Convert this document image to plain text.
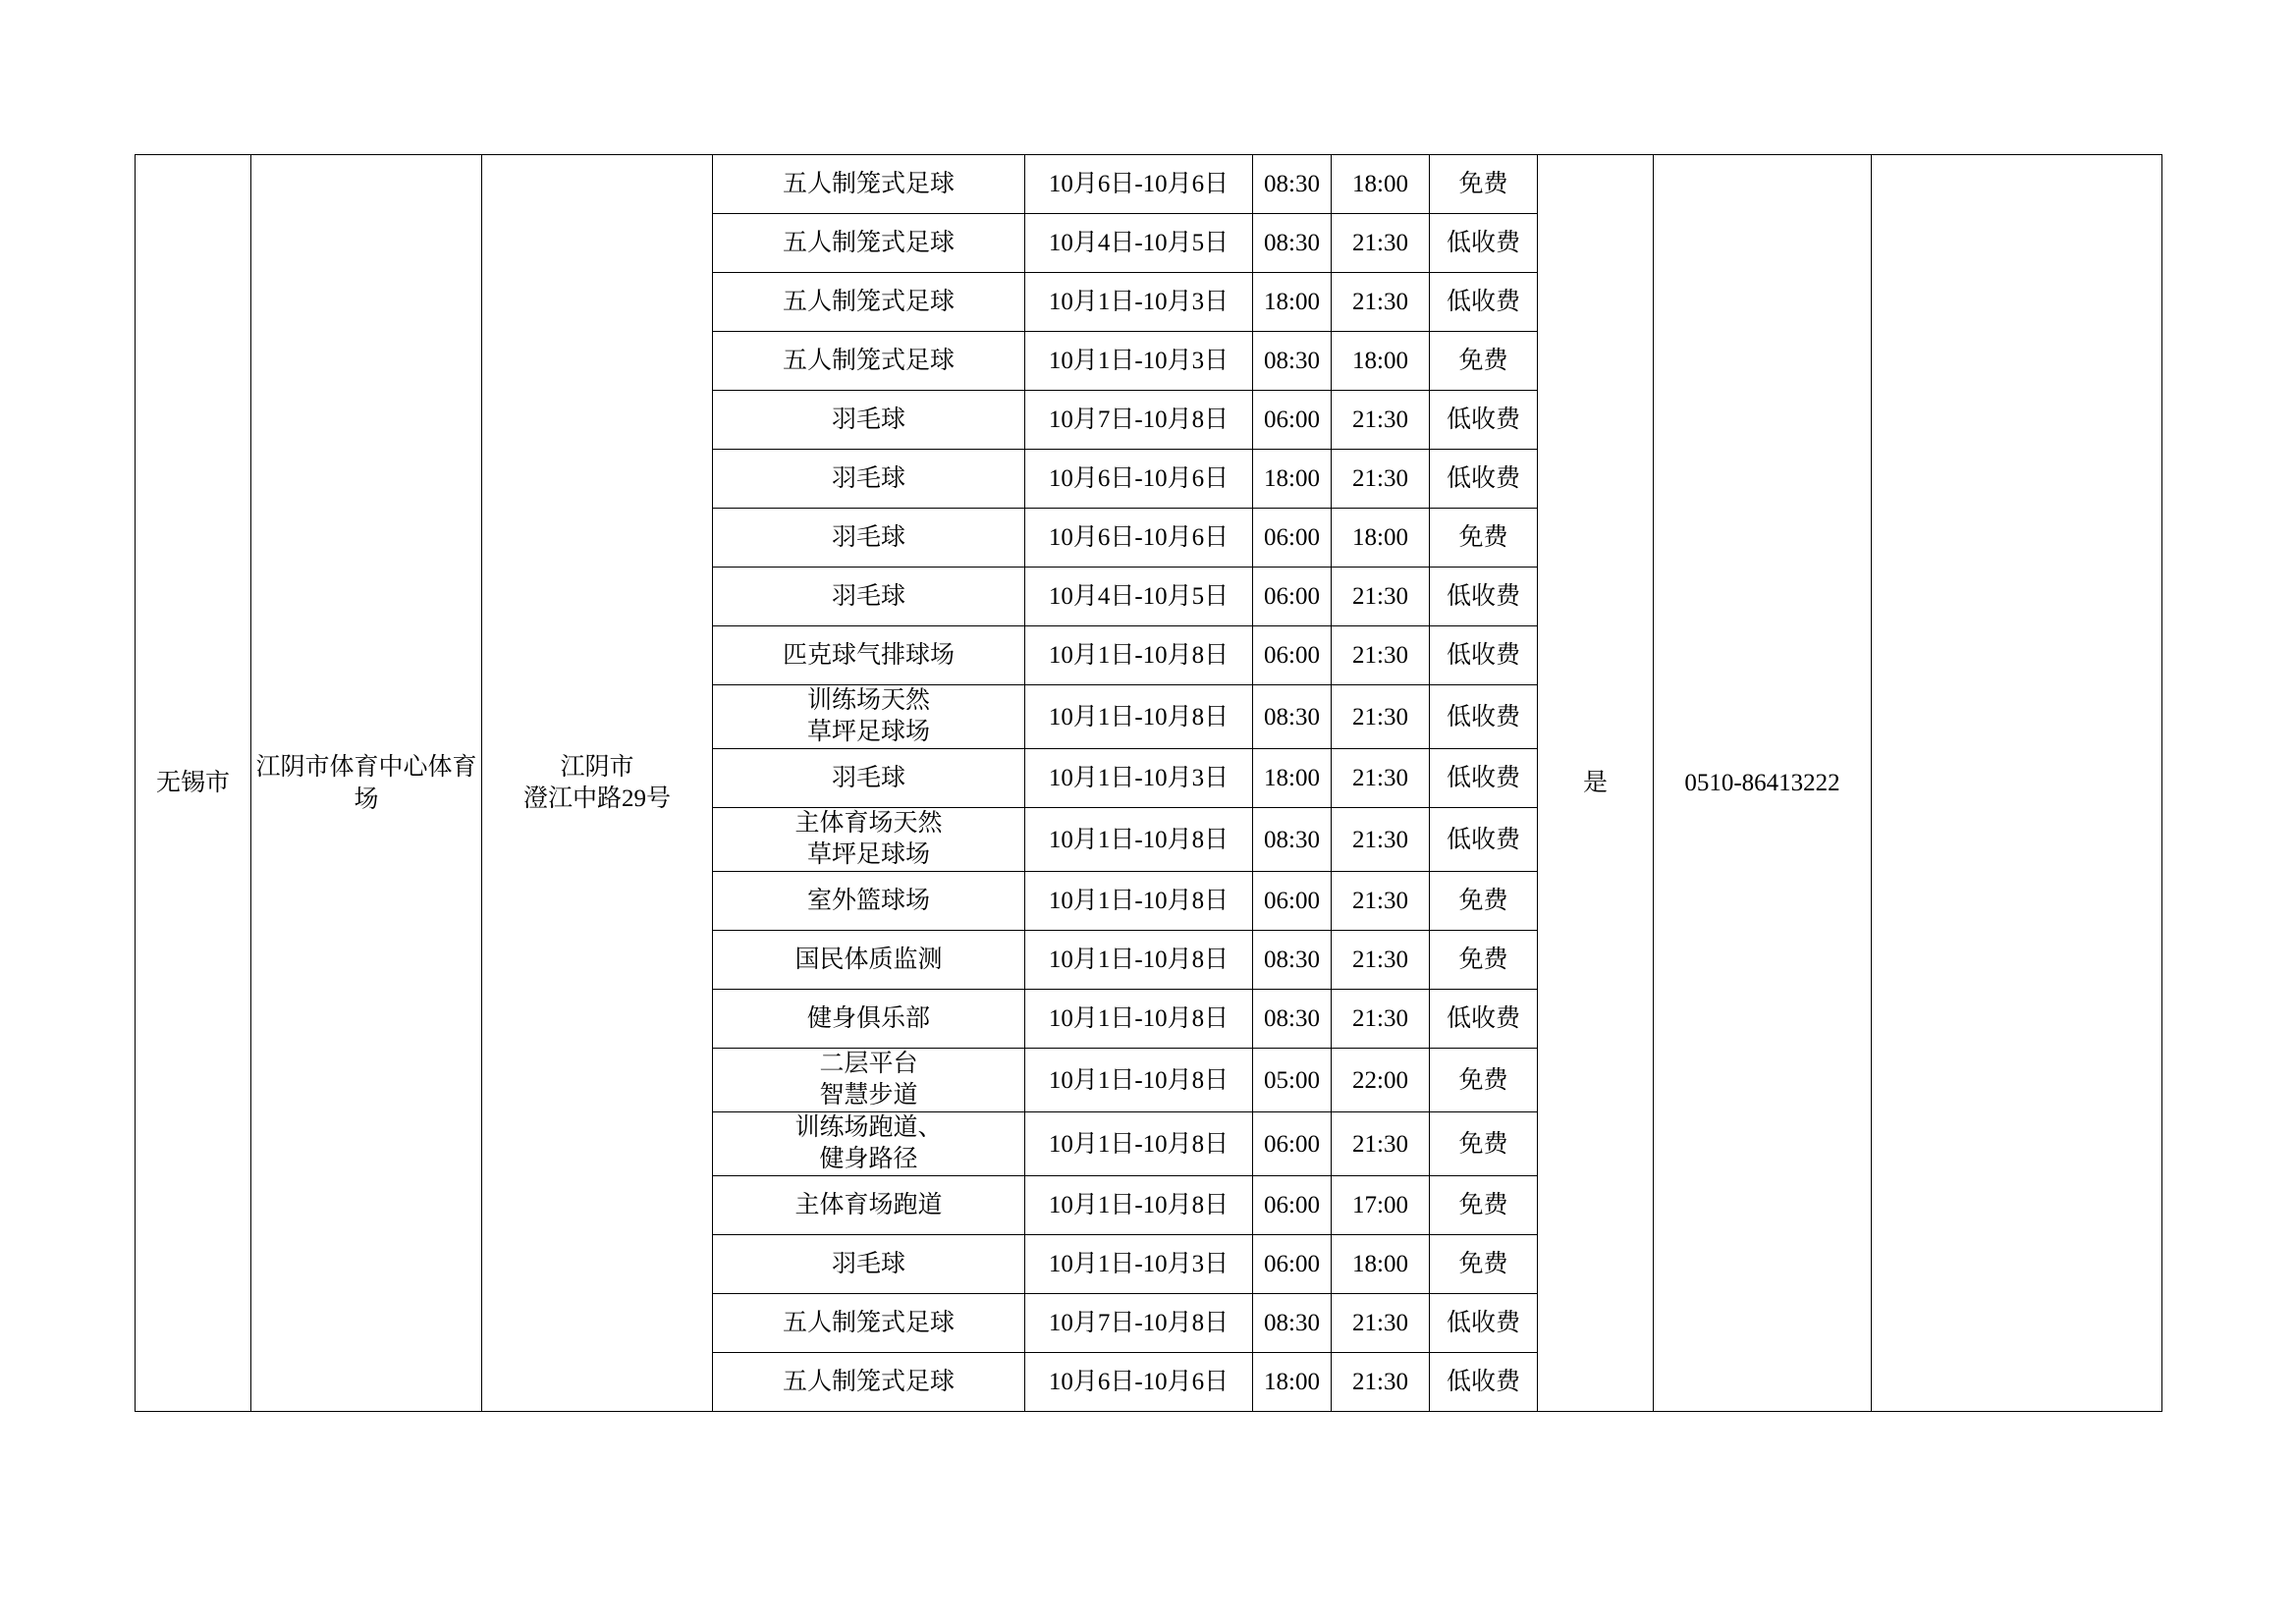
无锡市	江阴市体育中心体育场	江阴市
澄江中路29号	五人制笼式足球	10月6日-10月6日	08:30	18:00	免费	是	0510-86413222	
			五人制笼式足球	10月4日-10月5日	08:30	21:30	低收费			
			五人制笼式足球	10月1日-10月3日	18:00	21:30	低收费			
			五人制笼式足球	10月1日-10月3日	08:30	18:00	免费			
			羽毛球	10月7日-10月8日	06:00	21:30	低收费			
			羽毛球	10月6日-10月6日	18:00	21:30	低收费			
			羽毛球	10月6日-10月6日	06:00	18:00	免费			
			羽毛球	10月4日-10月5日	06:00	21:30	低收费			
			匹克球气排球场	10月1日-10月8日	06:00	21:30	低收费			

			训练场天然
草坪足球场	10月1日-10月8日	08:30	21:30	低收费			
			羽毛球	10月1日-10月3日	18:00	21:30	低收费			

			主体育场天然
草坪足球场	10月1日-10月8日	08:30	21:30	低收费			
			室外篮球场	10月1日-10月8日	06:00	21:30	免费			
			国民体质监测	10月1日-10月8日	08:30	21:30	免费			
			健身俱乐部	10月1日-10月8日	08:30	21:30	低收费			

			二层平台
智慧步道	10月1日-10月8日	05:00	22:00	免费			

			训练场跑道、
健身路径	10月1日-10月8日	06:00	21:30	免费			
			主体育场跑道	10月1日-10月8日	06:00	17:00	免费			
			羽毛球	10月1日-10月3日	06:00	18:00	免费			
			五人制笼式足球	10月7日-10月8日	08:30	21:30	低收费			
			五人制笼式足球	10月6日-10月6日	18:00	21:30	低收费			
